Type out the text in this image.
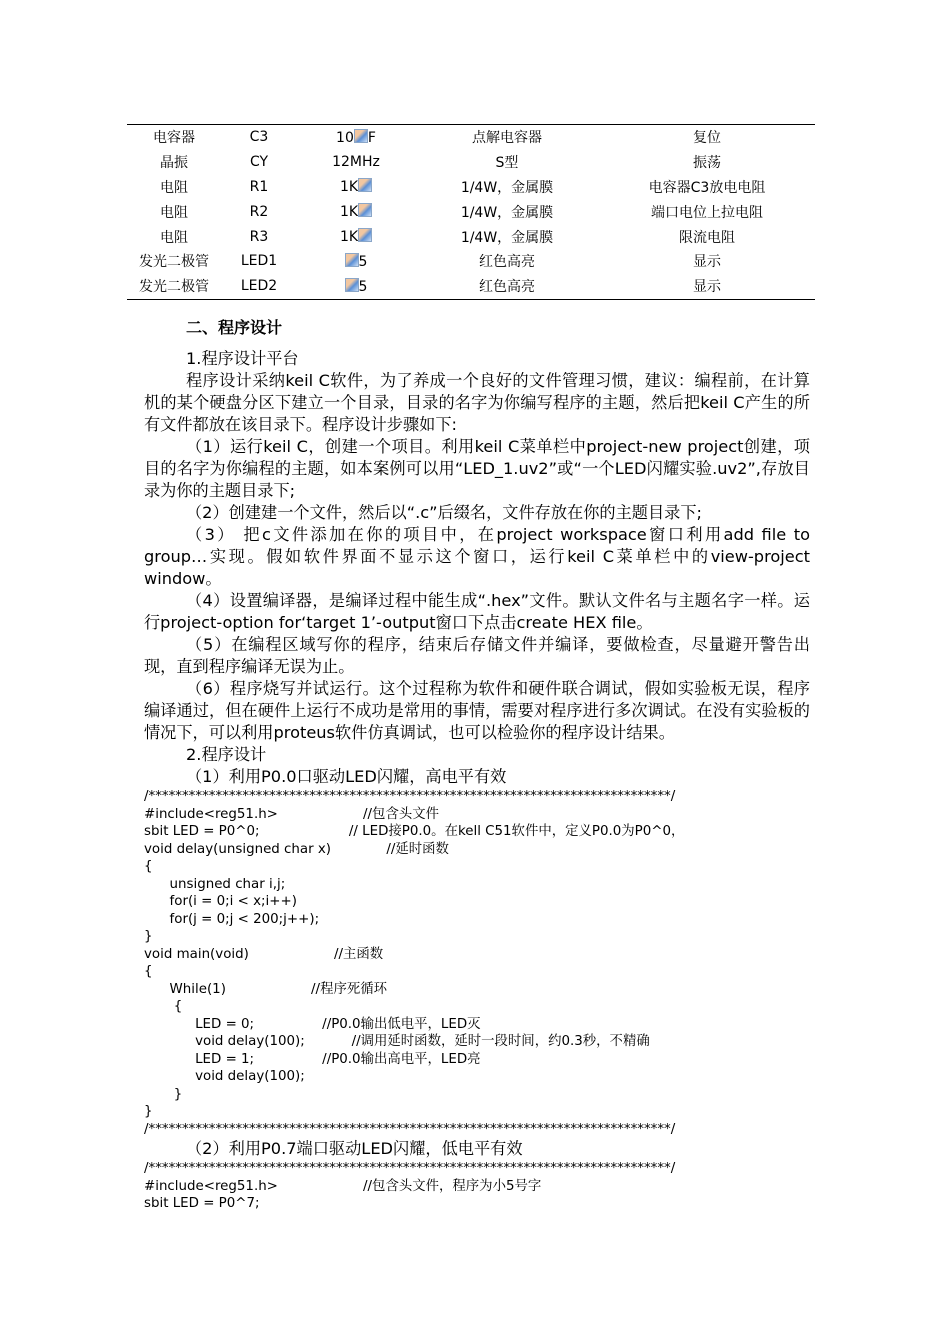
电容器	C3	10 F	点解电容器	复位
晶振	CY	12MHz	S型	振荡
电阻	R1	1K	1/4W，金属膜	电容器C3放电电阻
电阻	R2	1K	1/4W，金属膜	端口电位上拉电阻
电阻	R3	1K	1/4W，金属膜	限流电阻
发光二极管	LED1	5	红色高亮	显示
发光二极管	LED2	5	红色高亮	显示
二、程序设计

1.程序设计平台

程序设计采纳keil C软件，为了养成一个良好的文件管理习惯，建议：编程前，在计算机的某个硬盘分区下建立一个目录，目录的名字为你编写程序的主题，然后把keil C产生的所有文件都放在该目录下。程序设计步骤如下:

（1）运行keil C，创建一个项目。利用keil C菜单栏中project-new project创建，项目的名字为你编程的主题，如本案例可以用“LED_1.uv2”或“一个LED闪耀实验.uv2”,存放目录为你的主题目录下;

（2）创建建一个文件，然后以“.c”后缀名，文件存放在你的主题目录下;

（3） 把c文件添加在你的项目中，在project workspace窗口利用add file to group…实现。假如软件界面不显示这个窗口，运行keil C菜单栏中的view-project window。

（4）设置编译器，是编译过程中能生成“.hex”文件。默认文件名与主题名字一样。运行project-option for‘target 1’-output窗口下点击create HEX file。

（5）在编程区域写你的程序，结束后存储文件并编译，要做检查，尽量避开警告出现，直到程序编译无误为止。

（6）程序烧写并试运行。这个过程称为软件和硬件联合调试，假如实验板无误，程序编译通过，但在硬件上运行不成功是常用的事情，需要对程序进行多次调试。在没有实验板的情况下，可以利用proteus软件仿真调试，也可以检验你的程序设计结果。

2.程序设计

（1）利用P0.0口驱动LED闪耀，高电平有效

/******************************************************************************/
#include<reg51.h>                    //包含头文件
sbit LED = P0^0;                     // LED接P0.0。在kell C51软件中，定义P0.0为P0^0，
void delay(unsigned char x)             //延时函数
{
unsigned char i,j;
for(i = 0;i < x;i++)
for(j = 0;j < 200;j++);
}
void main(void)                    //主函数
{
While(1)                    //程序死循环
{
LED = 0;                //P0.0输出低电平，LED灭
void delay(100);           //调用延时函数，延时一段时间，约0.3秒，不精确
LED = 1;                //P0.0输出高电平，LED亮
void delay(100);
}
}
/******************************************************************************/

（2）利用P0.7端口驱动LED闪耀，低电平有效

/******************************************************************************/
#include<reg51.h>                    //包含头文件，程序为小5号字
sbit LED = P0^7;
